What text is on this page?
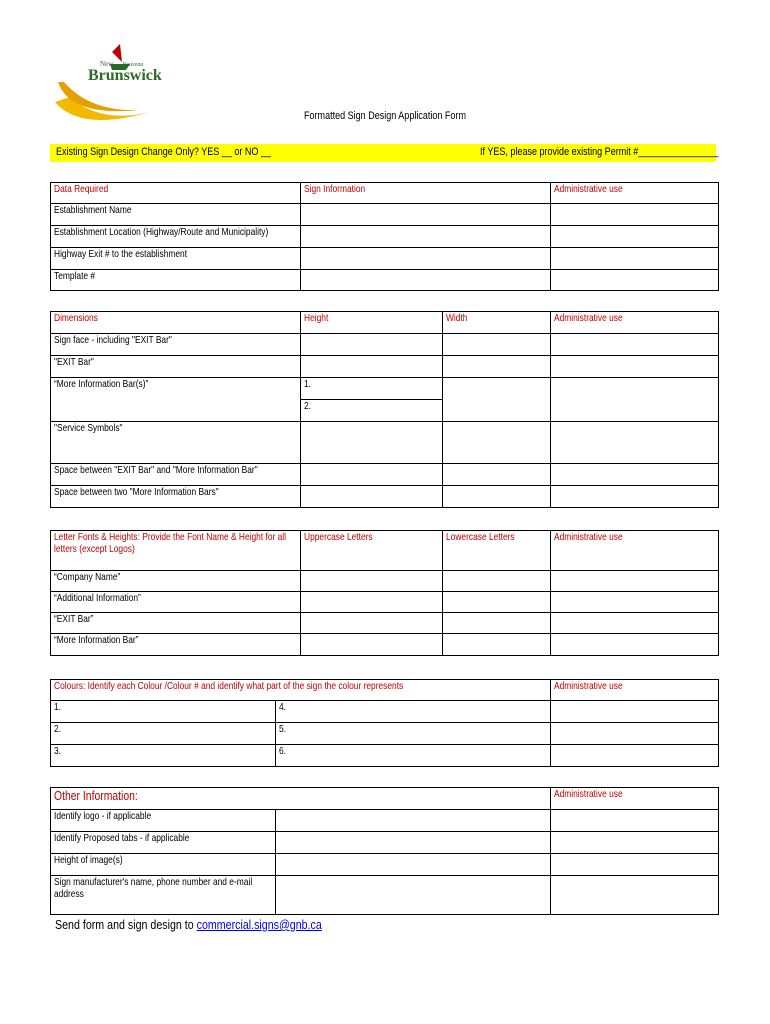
New Nouveau
Brunswick
Formatted Sign Design Application Form
Existing Sign Design Change Only? YES __ or NO __	If YES, please provide existing Permit #________________
Data Required	Sign Information	Administrative use
Establishment Name		
Establishment Location (Highway/Route and Municipality)		
Highway Exit # to the establishment		
Template #		
Dimensions	Height	Width	Administrative use
Sign face - including "EXIT Bar"			
"EXIT Bar"			
“More Information Bar(s)”	1.		
	2.		
"Service Symbols"			
Space between "EXIT Bar" and "More Information Bar"			
Space between two "More Information Bars"			
Letter Fonts & Heights: Provide the Font Name & Height for all letters (except Logos)	Uppercase Letters	Lowercase Letters	Administrative use
“Company Name”			
“Additional Information”			
“EXIT Bar”			
“More Information Bar”			
Colours: Identify each Colour /Colour # and identify what part of the sign the colour represents		Administrative use
1.	4.	
2.	5.	
3.	6.	
Other Information:		Administrative use
Identify logo - if applicable		
Identify Proposed tabs - if applicable		
Height of image(s)		

Sign manufacturer's name, phone number and e-mail address		

Send form and sign design to commercial.signs@gnb.ca
